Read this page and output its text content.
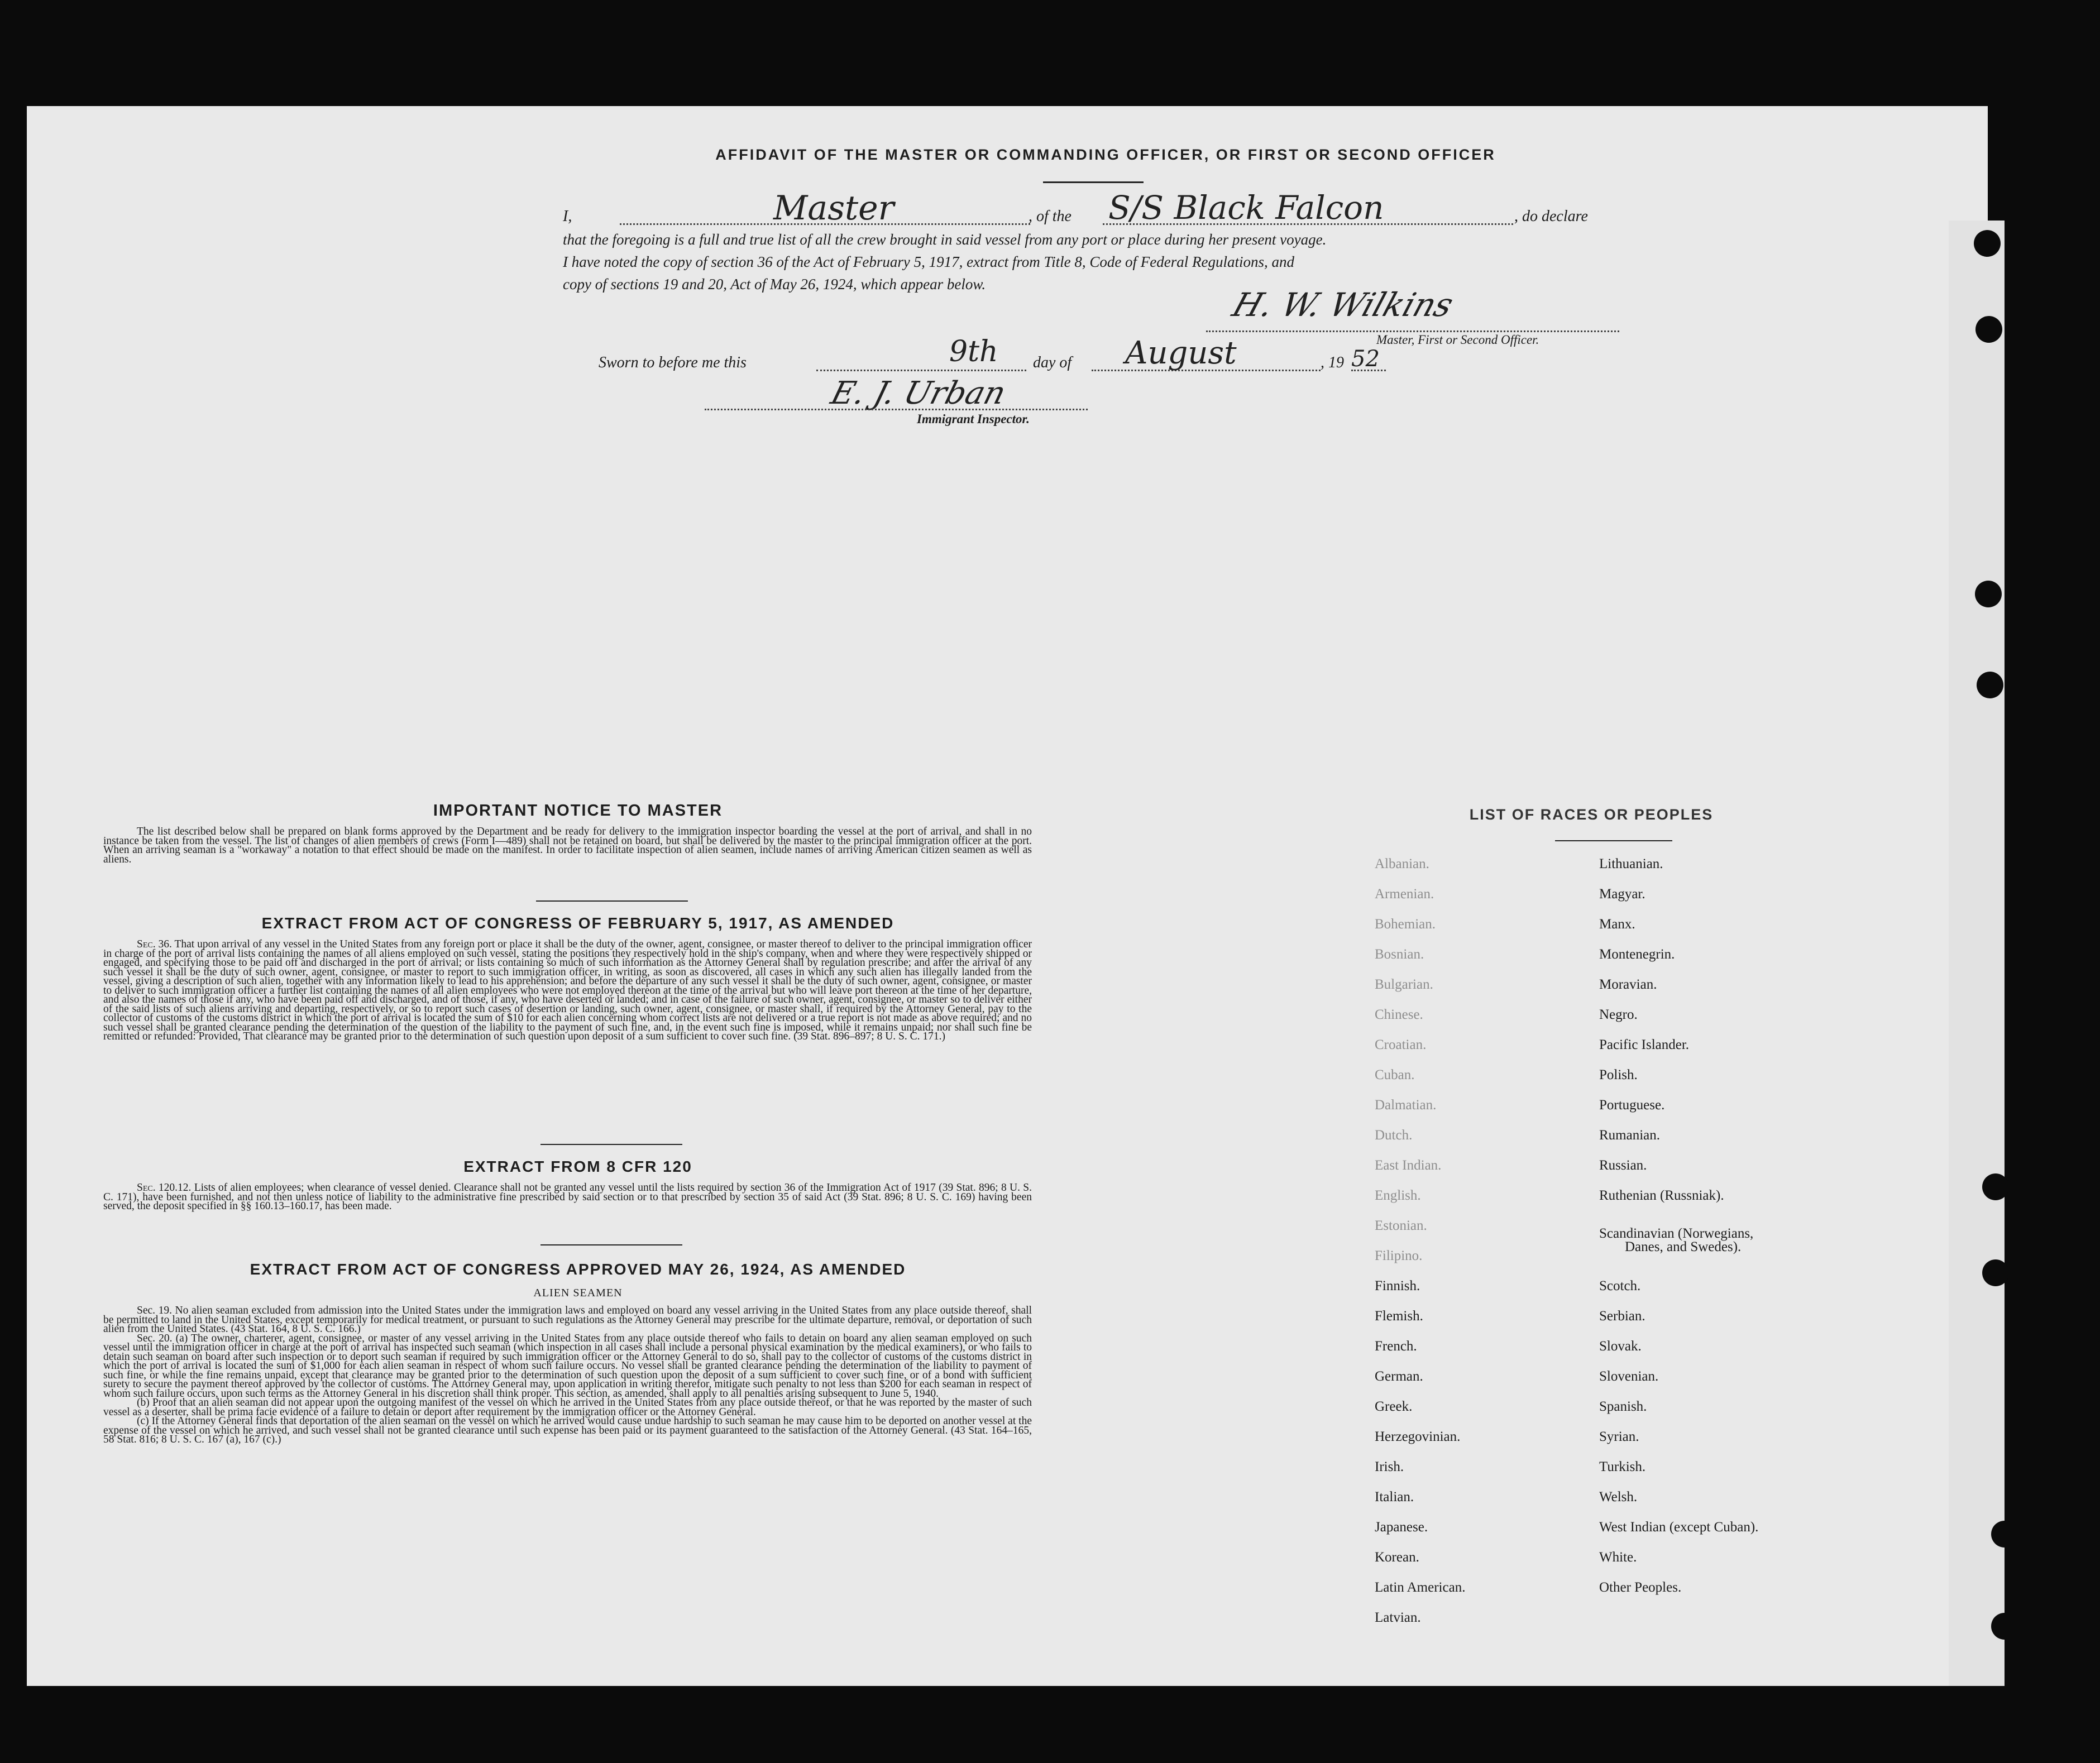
AFFIDAVIT OF THE MASTER OR COMMANDING OFFICER, OR FIRST OR SECOND OFFICER
I,	Master	, of the S/S Black Falcon	, do declare
that the foregoing is a full and true list of all the crew brought in said vessel from any port or place during her present voyage.
I have noted the copy of section 36 of the Act of February 5, 1917, extract from Title 8, Code of Federal Regulations, and
copy of sections 19 and 20, Act of May 26, 1924, which appear below.
H. W. Wilkins
Master, First or Second Officer.
Sworn to before me this	9th day of August	, 19 52
E. J. Urban
Immigrant Inspector.
IMPORTANT NOTICE TO MASTER
The list described below shall be prepared on blank forms approved by the Department and be ready for delivery to the immigration inspector boarding the vessel at the port of arrival, and shall in no instance be taken from the vessel. The list of changes of alien members of crews (Form I—489) shall not be retained on board, but shall be delivered by the master to the principal immigration officer at the port. When an arriving seaman is a "workaway" a notation to that effect should be made on the manifest. In order to facilitate inspection of alien seamen, include names of arriving American citizen seamen as well as aliens.
EXTRACT FROM ACT OF CONGRESS OF FEBRUARY 5, 1917, AS AMENDED
Sec. 36. That upon arrival of any vessel in the United States from any foreign port or place it shall be the duty of the owner, agent, consignee, or master thereof to deliver to the principal immigration officer in charge of the port of arrival lists containing the names of all aliens employed on such vessel, stating the positions they respectively hold in the ship's company, when and where they were respectively shipped or engaged, and specifying those to be paid off and discharged in the port of arrival; or lists containing so much of such information as the Attorney General shall by regulation prescribe; and after the arrival of any such vessel it shall be the duty of such owner, agent, consignee, or master to report to such immigration officer, in writing, as soon as discovered, all cases in which any such alien has illegally landed from the vessel, giving a description of such alien, together with any information likely to lead to his apprehension; and before the departure of any such vessel it shall be the duty of such owner, agent, consignee, or master to deliver to such immigration officer a further list containing the names of all alien employees who were not employed thereon at the time of the arrival but who will leave port thereon at the time of her departure, and also the names of those if any, who have been paid off and discharged, and of those, if any, who have deserted or landed; and in case of the failure of such owner, agent, consignee, or master so to deliver either of the said lists of such aliens arriving and departing, respectively, or so to report such cases of desertion or landing, such owner, agent, consignee, or master shall, if required by the Attorney General, pay to the collector of customs of the customs district in which the port of arrival is located the sum of $10 for each alien concerning whom correct lists are not delivered or a true report is not made as above required; and no such vessel shall be granted clearance pending the determination of the question of the liability to the payment of such fine, and, in the event such fine is imposed, while it remains unpaid; nor shall such fine be remitted or refunded: Provided, That clearance may be granted prior to the determination of such question upon deposit of a sum sufficient to cover such fine. (39 Stat. 896–897; 8 U. S. C. 171.)
EXTRACT FROM 8 CFR 120
Sec. 120.12. Lists of alien employees; when clearance of vessel denied. Clearance shall not be granted any vessel until the lists required by section 36 of the Immigration Act of 1917 (39 Stat. 896; 8 U. S. C. 171), have been furnished, and not then unless notice of liability to the administrative fine prescribed by said section or to that prescribed by section 35 of said Act (39 Stat. 896; 8 U. S. C. 169) having been served, the deposit specified in §§ 160.13–160.17, has been made.
EXTRACT FROM ACT OF CONGRESS APPROVED MAY 26, 1924, AS AMENDED
ALIEN SEAMEN
Sec. 19. No alien seaman excluded from admission into the United States under the immigration laws and employed on board any vessel arriving in the United States from any place outside thereof, shall be permitted to land in the United States, except temporarily for medical treatment, or pursuant to such regulations as the Attorney General may prescribe for the ultimate departure, removal, or deportation of such alien from the United States. (43 Stat. 164, 8 U. S. C. 166.)
Sec. 20. (a) The owner, charterer, agent, consignee, or master of any vessel arriving in the United States from any place outside thereof who fails to detain on board any alien seaman employed on such vessel until the immigration officer in charge at the port of arrival has inspected such seaman (which inspection in all cases shall include a personal physical examination by the medical examiners), or who fails to detain such seaman on board after such inspection or to deport such seaman if required by such immigration officer or the Attorney General to do so, shall pay to the collector of customs of the customs district in which the port of arrival is located the sum of $1,000 for each alien seaman in respect of whom such failure occurs. No vessel shall be granted clearance pending the determination of the liability to payment of such fine, or while the fine remains unpaid, except that clearance may be granted prior to the determination of such question upon the deposit of a sum sufficient to cover such fine, or of a bond with sufficient surety to secure the payment thereof approved by the collector of customs. The Attorney General may, upon application in writing therefor, mitigate such penalty to not less than $200 for each seaman in respect of whom such failure occurs, upon such terms as the Attorney General in his discretion shall think proper. This section, as amended, shall apply to all penalties arising subsequent to June 5, 1940.
(b) Proof that an alien seaman did not appear upon the outgoing manifest of the vessel on which he arrived in the United States from any place outside thereof, or that he was reported by the master of such vessel as a deserter, shall be prima facie evidence of a failure to detain or deport after requirement by the immigration officer or the Attorney General.
(c) If the Attorney General finds that deportation of the alien seaman on the vessel on which he arrived would cause undue hardship to such seaman he may cause him to be deported on another vessel at the expense of the vessel on which he arrived, and such vessel shall not be granted clearance until such expense has been paid or its payment guaranteed to the satisfaction of the Attorney General. (43 Stat. 164–165, 58 Stat. 816; 8 U. S. C. 167 (a), 167 (c).)
LIST OF RACES OR PEOPLES
Albanian.
Armenian.
Bohemian.
Bosnian.
Bulgarian.
Chinese.
Croatian.
Cuban.
Dalmatian.
Dutch.
East Indian.
English.
Estonian.
Filipino.
Finnish.
Flemish.
French.
German.
Greek.
Herzegovinian.
Irish.
Italian.
Japanese.
Korean.
Latin American.
Latvian.
Lithuanian.
Magyar.
Manx.
Montenegrin.
Moravian.
Negro.
Pacific Islander.
Polish.
Portuguese.
Rumanian.
Russian.
Ruthenian (Russniak).
Scandinavian (Norwegians,
Danes, and Swedes).
Scotch.
Serbian.
Slovak.
Slovenian.
Spanish.
Syrian.
Turkish.
Welsh.
West Indian (except Cuban).
White.
Other Peoples.
